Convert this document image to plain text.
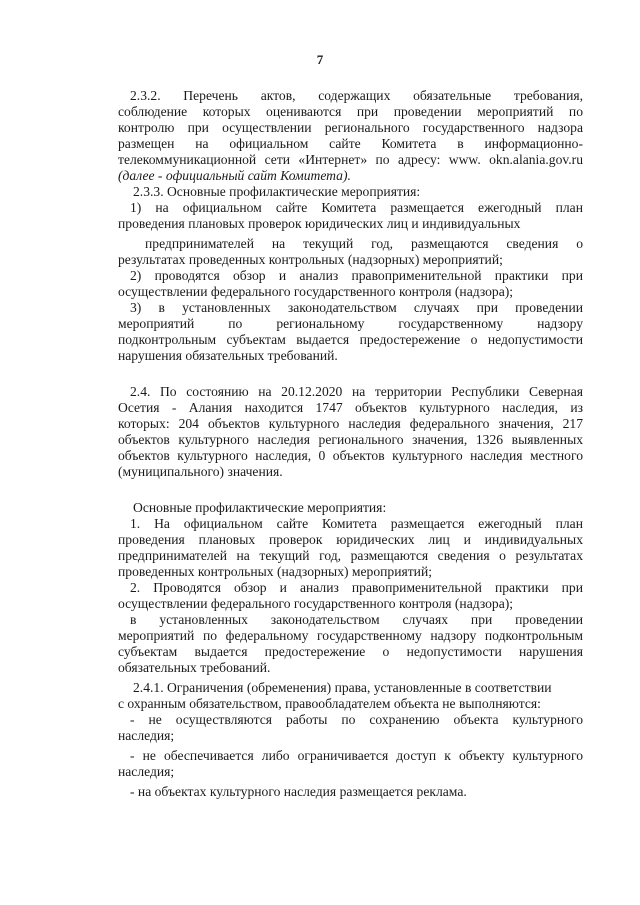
7
2.3.2. Перечень актов, содержащих обязательные требования,
соблюдение которых оцениваются при проведении мероприятий по
контролю при осуществлении регионального государственного надзора
размещен на официальном сайте Комитета в информационно-
телекоммуникационной сети «Интернет» по адресу: www. okn.alania.gov.ru
(далее - официальный сайт Комитета).
2.3.3. Основные профилактические мероприятия:
1) на официальном сайте Комитета размещается ежегодный план
проведения плановых проверок юридических лиц и индивидуальных
предпринимателей на текущий год, размещаются сведения о
результатах проведенных контрольных (надзорных) мероприятий;
2) проводятся обзор и анализ правоприменительной практики при
осуществлении федерального государственного контроля (надзора);
3) в установленных законодательством случаях при проведении
мероприятий по региональному государственному надзору
подконтрольным субъектам выдается предостережение о недопустимости
нарушения обязательных требований.
2.4. По состоянию на 20.12.2020 на территории Республики Северная
Осетия - Алания находится 1747 объектов культурного наследия, из
которых: 204 объектов культурного наследия федерального значения, 217
объектов культурного наследия регионального значения, 1326 выявленных
объектов культурного наследия, 0 объектов культурного наследия местного
(муниципального) значения.
Основные профилактические мероприятия:
1. На официальном сайте Комитета размещается ежегодный план
проведения плановых проверок юридических лиц и индивидуальных
предпринимателей на текущий год, размещаются сведения о результатах
проведенных контрольных (надзорных) мероприятий;
2. Проводятся обзор и анализ правоприменительной практики при
осуществлении федерального государственного контроля (надзора);
в установленных законодательством случаях при проведении
мероприятий по федеральному государственному надзору подконтрольным
субъектам выдается предостережение о недопустимости нарушения
обязательных требований.
2.4.1. Ограничения (обременения) права, установленные в соответствии
с охранным обязательством, правообладателем объекта не выполняются:
- не осуществляются работы по сохранению объекта культурного
наследия;
- не обеспечивается либо ограничивается доступ к объекту культурного
наследия;
- на объектах культурного наследия размещается реклама.
